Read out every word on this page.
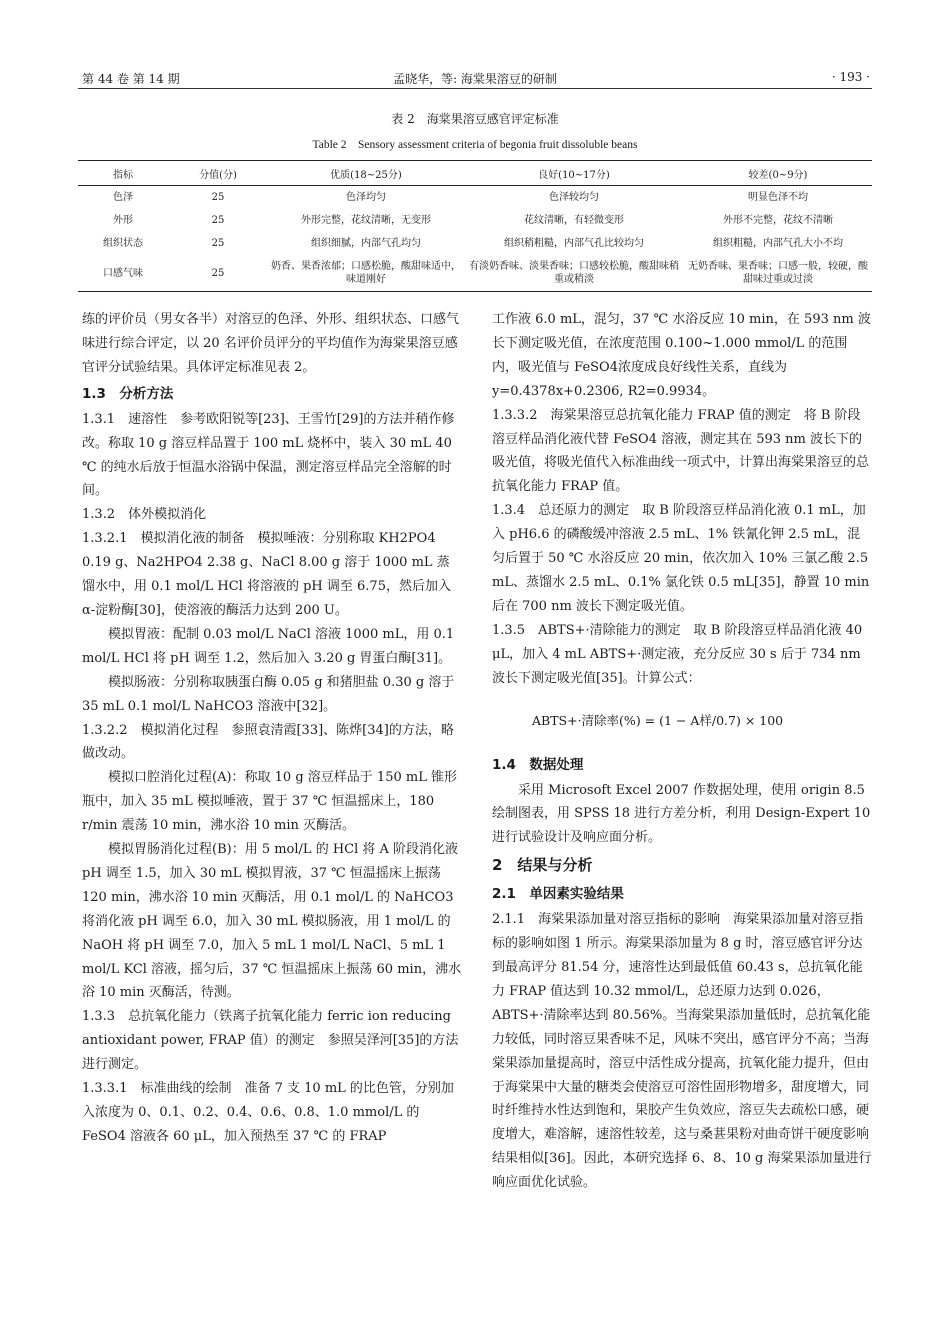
第 44 卷 第 14 期	孟晓华，等: 海棠果溶豆的研制	· 193 ·
表 2　海棠果溶豆感官评定标准
Table 2　Sensory assessment criteria of begonia fruit dissoluble beans
指标	分值(分)	优质(18~25分)	良好(10~17分)	较差(0~9分)
色泽	25	色泽均匀	色泽较均匀	明显色泽不均
外形	25	外形完整，花纹清晰，无变形	花纹清晰，有轻微变形	外形不完整，花纹不清晰
组织状态	25	组织细腻，内部气孔均匀	组织稍粗糙，内部气孔比较均匀	组织粗糙，内部气孔大小不均
口感气味	25	奶香、果香浓郁；口感松脆，酸甜味适中，味道刚好	有淡奶香味、淡果香味；口感较松脆，酸甜味稍重或稍淡	无奶香味、果香味；口感一般，较硬，酸甜味过重或过淡

练的评价员（男女各半）对溶豆的色泽、外形、组织状态、口感气味进行综合评定，以 20 名评价员评分的平均值作为海棠果溶豆感官评分试验结果。具体评定标准见表 2。

1.3　分析方法

1.3.1　速溶性　参考欧阳锐等[23]、王雪竹[29]的方法并稍作修改。称取 10 g 溶豆样品置于 100 mL 烧杯中，装入 30 mL 40 ℃ 的纯水后放于恒温水浴锅中保温，测定溶豆样品完全溶解的时间。

1.3.2　体外模拟消化

1.3.2.1　模拟消化液的制备　模拟唾液：分别称取 KH2PO4 0.19 g、Na2HPO4 2.38 g、NaCl 8.00 g 溶于 1000 mL 蒸馏水中，用 0.1 mol/L HCl 将溶液的 pH 调至 6.75，然后加入 α-淀粉酶[30]，使溶液的酶活力达到 200 U。

模拟胃液：配制 0.03 mol/L NaCl 溶液 1000 mL，用 0.1 mol/L HCl 将 pH 调至 1.2，然后加入 3.20 g 胃蛋白酶[31]。

模拟肠液：分别称取胰蛋白酶 0.05 g 和猪胆盐 0.30 g 溶于 35 mL 0.1 mol/L NaHCO3 溶液中[32]。

1.3.2.2　模拟消化过程　参照袁清霞[33]、陈烨[34]的方法，略做改动。

模拟口腔消化过程(A)：称取 10 g 溶豆样品于 150 mL 锥形瓶中，加入 35 mL 模拟唾液，置于 37 ℃ 恒温摇床上，180 r/min 震荡 10 min，沸水浴 10 min 灭酶活。

模拟胃肠消化过程(B)：用 5 mol/L 的 HCl 将 A 阶段消化液 pH 调至 1.5，加入 30 mL 模拟胃液，37 ℃ 恒温摇床上振荡 120 min，沸水浴 10 min 灭酶活，用 0.1 mol/L 的 NaHCO3 将消化液 pH 调至 6.0，加入 30 mL 模拟肠液，用 1 mol/L 的 NaOH 将 pH 调至 7.0，加入 5 mL 1 mol/L NaCl、5 mL 1 mol/L KCl 溶液，摇匀后，37 ℃ 恒温摇床上振荡 60 min，沸水浴 10 min 灭酶活，待测。

1.3.3　总抗氧化能力（铁离子抗氧化能力 ferric ion reducing antioxidant power, FRAP 值）的测定　参照吴泽河[35]的方法进行测定。

1.3.3.1　标准曲线的绘制　准备 7 支 10 mL 的比色管，分别加入浓度为 0、0.1、0.2、0.4、0.6、0.8、1.0 mmol/L 的 FeSO4 溶液各 60 μL，加入预热至 37 ℃ 的 FRAP

工作液 6.0 mL，混匀，37 ℃ 水浴反应 10 min，在 593 nm 波长下测定吸光值，在浓度范围 0.100~1.000 mmol/L 的范围内，吸光值与 FeSO4浓度成良好线性关系，直线为 y=0.4378x+0.2306, R2=0.9934。

1.3.3.2　海棠果溶豆总抗氧化能力 FRAP 值的测定　将 B 阶段溶豆样品消化液代替 FeSO4 溶液，测定其在 593 nm 波长下的吸光值，将吸光值代入标准曲线一项式中，计算出海棠果溶豆的总抗氧化能力 FRAP 值。

1.3.4　总还原力的测定　取 B 阶段溶豆样品消化液 0.1 mL，加入 pH6.6 的磷酸缓冲溶液 2.5 mL、1% 铁氰化钾 2.5 mL，混匀后置于 50 ℃ 水浴反应 20 min，依次加入 10% 三氯乙酸 2.5 mL、蒸馏水 2.5 mL、0.1% 氯化铁 0.5 mL[35]，静置 10 min 后在 700 nm 波长下测定吸光值。

1.3.5　ABTS+·清除能力的测定　取 B 阶段溶豆样品消化液 40 μL，加入 4 mL ABTS+·测定液，充分反应 30 s 后于 734 nm 波长下测定吸光值[35]。计算公式：

ABTS+·清除率(%) = (1 − A样/0.7) × 100

1.4　数据处理

采用 Microsoft Excel 2007 作数据处理，使用 origin 8.5 绘制图表，用 SPSS 18 进行方差分析，利用 Design-Expert 10 进行试验设计及响应面分析。

2　结果与分析

2.1　单因素实验结果

2.1.1　海棠果添加量对溶豆指标的影响　海棠果添加量对溶豆指标的影响如图 1 所示。海棠果添加量为 8 g 时，溶豆感官评分达到最高评分 81.54 分，速溶性达到最低值 60.43 s，总抗氧化能力 FRAP 值达到 10.32 mmol/L，总还原力达到 0.026，ABTS+·清除率达到 80.56%。当海棠果添加量低时，总抗氧化能力较低，同时溶豆果香味不足，风味不突出，感官评分不高；当海棠果添加量提高时，溶豆中活性成分提高，抗氧化能力提升，但由于海棠果中大量的糖类会使溶豆可溶性固形物增多，甜度增大，同时纤维持水性达到饱和，果胶产生负效应，溶豆失去疏松口感，硬度增大，难溶解，速溶性较差，这与桑葚果粉对曲奇饼干硬度影响结果相似[36]。因此，本研究选择 6、8、10 g 海棠果添加量进行响应面优化试验。
